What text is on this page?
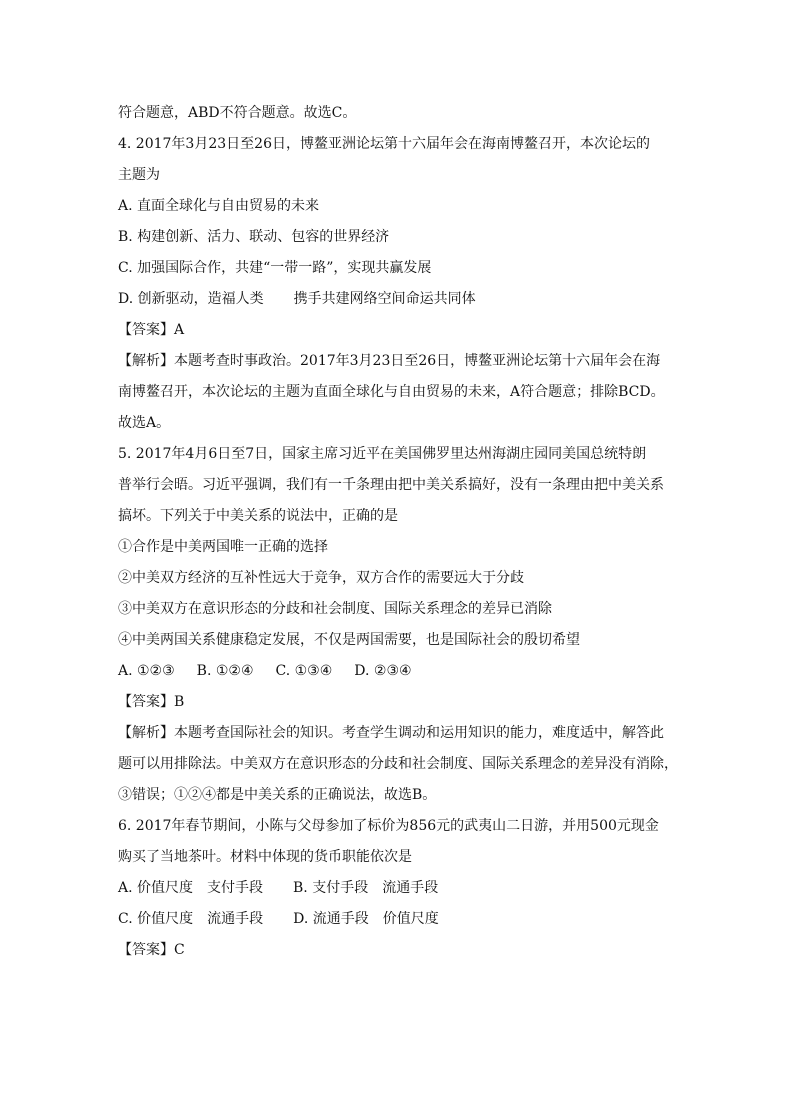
符合题意，ABD不符合题意。故选C。
4. 2017年3月23日至26日，博鳌亚洲论坛第十六届年会在海南博鳌召开，本次论坛的
主题为
A. 直面全球化与自由贸易的未来
B. 构建创新、活力、联动、包容的世界经济
C. 加强国际合作，共建“一带一路”，实现共赢发展
D. 创新驱动，造福人类 携手共建网络空间命运共同体
【答案】A
【解析】本题考查时事政治。2017年3月23日至26日，博鳌亚洲论坛第十六届年会在海
南博鳌召开，本次论坛的主题为直面全球化与自由贸易的未来，A符合题意；排除BCD。
故选A。
5. 2017年4月6日至7日，国家主席习近平在美国佛罗里达州海湖庄园同美国总统特朗
普举行会晤。习近平强调，我们有一千条理由把中美关系搞好，没有一条理由把中美关系
搞坏。下列关于中美关系的说法中，正确的是
①合作是中美两国唯一正确的选择
②中美双方经济的互补性远大于竞争，双方合作的需要远大于分歧
③中美双方在意识形态的分歧和社会制度、国际关系理念的差异已消除
④中美两国关系健康稳定发展，不仅是两国需要，也是国际社会的殷切希望
A. ①②③ B. ①②④ C. ①③④ D. ②③④
【答案】B
【解析】本题考查国际社会的知识。考查学生调动和运用知识的能力，难度适中，解答此
题可以用排除法。中美双方在意识形态的分歧和社会制度、国际关系理念的差异没有消除，
③错误；①②④都是中美关系的正确说法，故选B。
6. 2017年春节期间，小陈与父母参加了标价为856元的武夷山二日游，并用500元现金
购买了当地茶叶。材料中体现的货币职能依次是
A. 价值尺度　支付手段 B. 支付手段　流通手段
C. 价值尺度　流通手段 D. 流通手段　价值尺度
【答案】C
